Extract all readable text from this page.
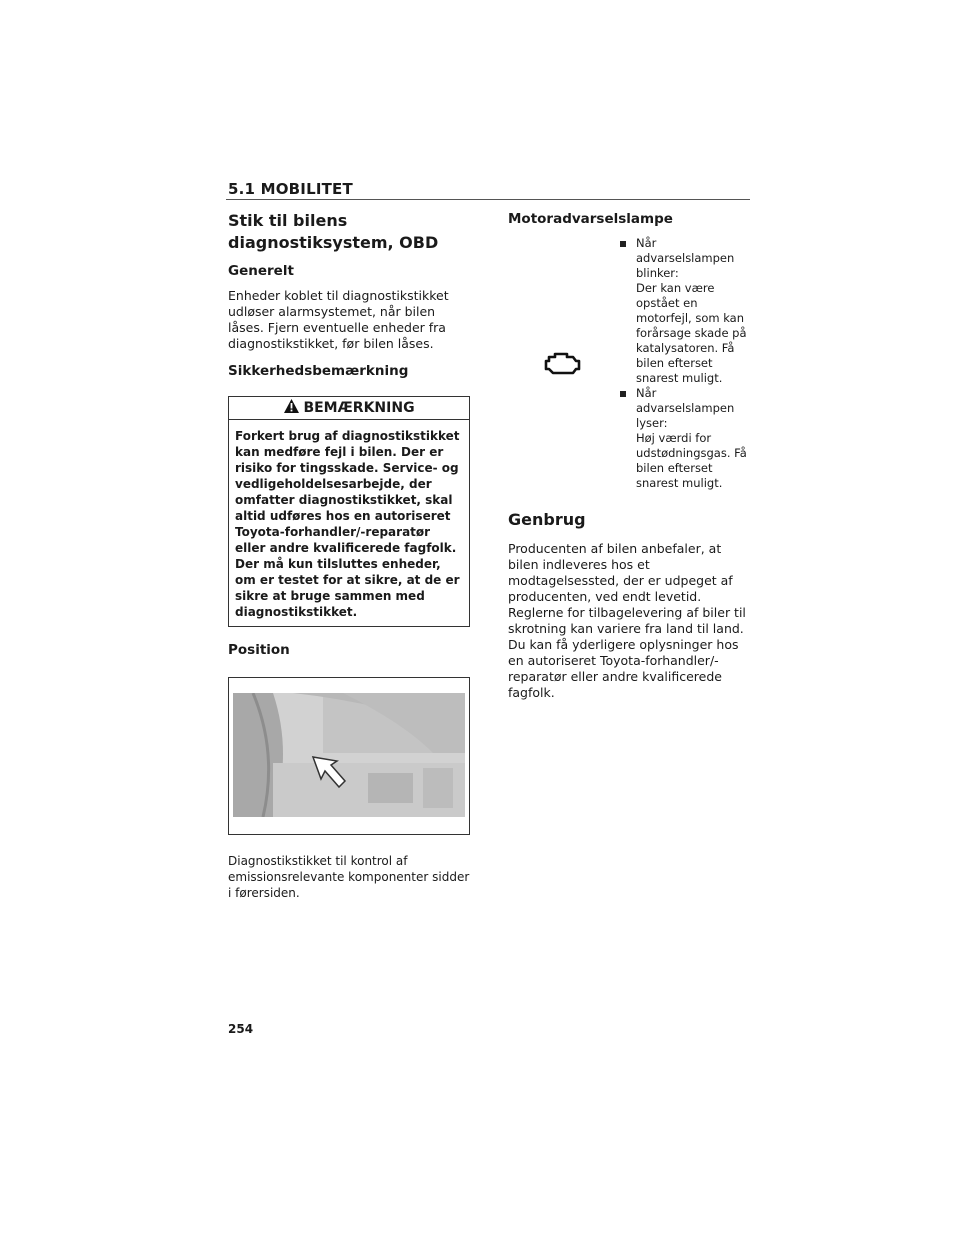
5.1 MOBILITET
Stik til bilens diagnostiksystem, OBD
Generelt

Enheder koblet til diagnostikstikket udløser alarmsystemet, når bilen låses. Fjern eventuelle enheder fra diagnostikstikket, før bilen låses.

Sikkerhedsbemærkning
BEMÆRKNING
Forkert brug af diagnostikstikket kan medføre fejl i bilen. Der er risiko for tingsskade. Service- og vedligeholdelsesarbejde, der omfatter diagnostikstikket, skal altid udføres hos en autoriseret Toyota-forhandler/-reparatør eller andre kvalificerede fagfolk. Der må kun tilsluttes enheder, om er testet for at sikre, at de er sikre at bruge sammen med diagnostikstikket.
Position

Diagnostikstikket til kontrol af emissionsrelevante komponenter sidder i førersiden.

Motoradvarselslampe
Når advarselslampen blinker:
Der kan være opstået en motorfejl, som kan forårsage skade på katalysatoren. Få bilen efterset snarest muligt.
Når advarselslampen lyser:
Høj værdi for udstødningsgas. Få bilen efterset snarest muligt.
Genbrug

Producenten af bilen anbefaler, at bilen indleveres hos et modtagelsessted, der er udpeget af producenten, ved endt levetid. Reglerne for tilbagelevering af biler til skrotning kan variere fra land til land. Du kan få yderligere oplysninger hos en autoriseret Toyota-forhandler/-reparatør eller andre kvalificerede fagfolk.

254
